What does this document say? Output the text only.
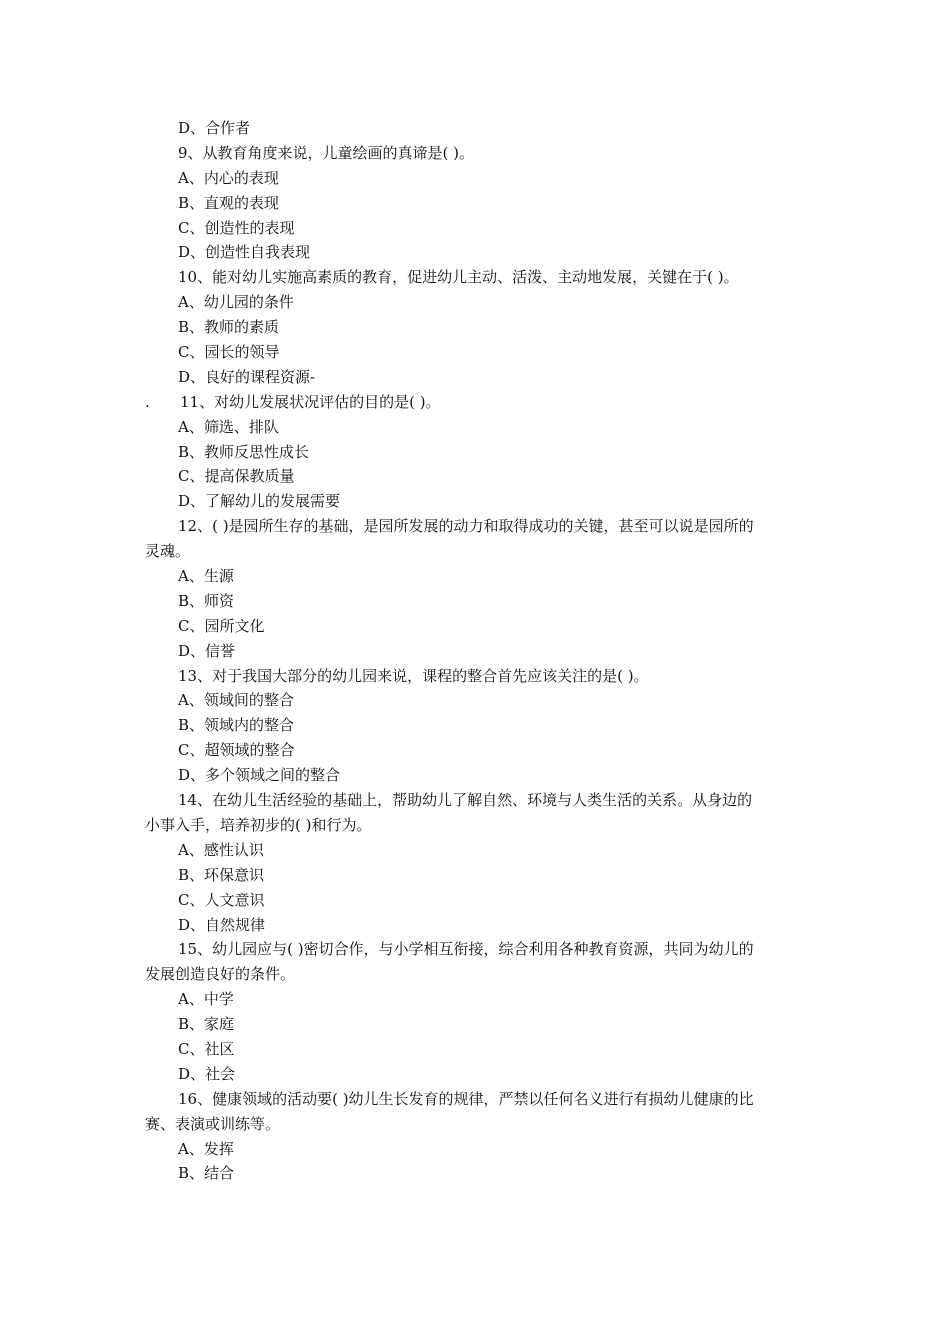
D、合作者
9、从教育角度来说，儿童绘画的真谛是( )。
A、内心的表现
B、直观的表现
C、创造性的表现
D、创造性自我表现
10、能对幼儿实施高素质的教育，促进幼儿主动、活泼、主动地发展，关键在于( )。
A、幼儿园的条件
B、教师的素质
C、园长的领导
D、良好的课程资源-
. 11、对幼儿发展状况评估的目的是( )。
A、筛选、排队
B、教师反思性成长
C、提高保教质量
D、了解幼儿的发展需要
12、( )是园所生存的基础，是园所发展的动力和取得成功的关键，甚至可以说是园所的
灵魂。
A、生源
B、师资
C、园所文化
D、信誉
13、对于我国大部分的幼儿园来说，课程的整合首先应该关注的是( )。
A、领域间的整合
B、领域内的整合
C、超领域的整合
D、多个领域之间的整合
14、在幼儿生活经验的基础上，帮助幼儿了解自然、环境与人类生活的关系。从身边的
小事入手，培养初步的( )和行为。
A、感性认识
B、环保意识
C、人文意识
D、自然规律
15、幼儿园应与( )密切合作，与小学相互衔接，综合利用各种教育资源，共同为幼儿的
发展创造良好的条件。
A、中学
B、家庭
C、社区
D、社会
16、健康领域的活动要( )幼儿生长发育的规律，严禁以任何名义进行有损幼儿健康的比
赛、表演或训练等。
A、发挥
B、结合
